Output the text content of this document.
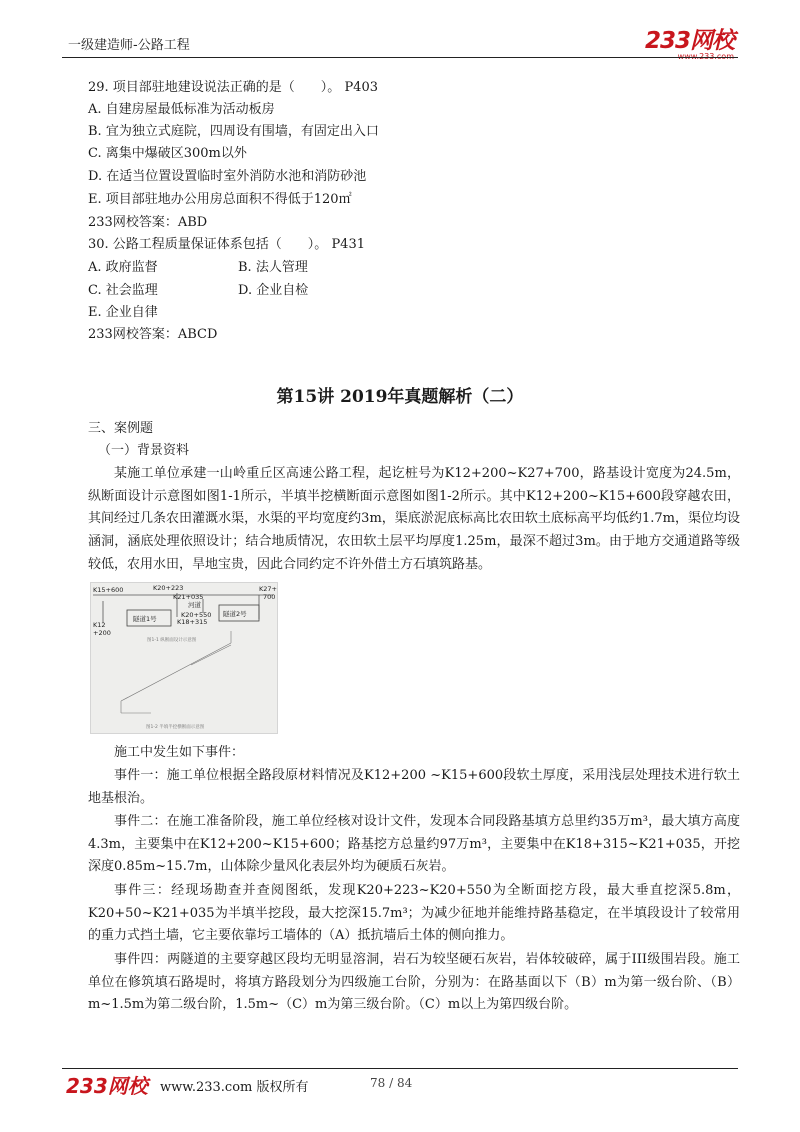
一级建造师-公路工程	233网校
www.233.com
29. 项目部驻地建设说法正确的是（　　）。 P403
A. 自建房屋最低标准为活动板房
B. 宜为独立式庭院，四周设有围墙，有固定出入口
C. 离集中爆破区300m以外
D. 在适当位置设置临时室外消防水池和消防砂池
E. 项目部驻地办公用房总面积不得低于120㎡
233网校答案：ABD
30. 公路工程质量保证体系包括（　　）。 P431
A. 政府监督	B. 法人管理
C. 社会监理	D. 企业自检
E. 企业自律
233网校答案：ABCD
第15讲 2019年真题解析（二）
三、案例题
（一）背景资料
某施工单位承建一山岭重丘区高速公路工程，起讫桩号为K12+200~K27+700，路基设计宽度为24.5m，纵断面设计示意图如图1-1所示，半填半挖横断面示意图如图1-2所示。其中K12+200~K15+600段穿越农田，其间经过几条农田灌溉水渠，水渠的平均宽度约3m，渠底淤泥底标高比农田软土底标高平均低约1.7m，渠位均设涵洞，涵底处理依照设计；结合地质情况，农田软土层平均厚度1.25m，最深不超过3m。由于地方交通道路等级较低，农用水田，旱地宝贵，因此合同约定不许外借土方石填筑路基。
K15+600	K20+223
K21+035
河道
K27+
700
隧道1号
隧道2号
K20+550
K18+315
K12
+200
图1-1 纵断面设计示意图
图1-2 半填半挖横断面示意图
施工中发生如下事件：
事件一：施工单位根据全路段原材料情况及K12+200 ~K15+600段软土厚度，采用浅层处理技术进行软土地基根治。
事件二：在施工准备阶段，施工单位经核对设计文件，发现本合同段路基填方总里约35万m³，最大填方高度4.3m，主要集中在K12+200~K15+600；路基挖方总量约97万m³，主要集中在K18+315~K21+035，开挖深度0.85m~15.7m，山体除少量风化表层外均为硬质石灰岩。
事件三：经现场勘查并查阅图纸，发现K20+223~K20+550为全断面挖方段，最大垂直挖深5.8m，K20+50~K21+035为半填半挖段，最大挖深15.7m³；为减少征地并能维持路基稳定，在半填段设计了较常用的重力式挡土墙，它主要依靠圬工墙体的（A）抵抗墙后土体的侧向推力。
事件四：两隧道的主要穿越区段均无明显溶洞，岩石为较坚硬石灰岩，岩体较破碎，属于III级围岩段。施工单位在修筑填石路堤时，将填方路段划分为四级施工台阶，分别为：在路基面以下（B）m为第一级台阶、（B）m~1.5m为第二级台阶，1.5m~（C）m为第三级台阶。（C）m以上为第四级台阶。
233网校 www.233.com 版权所有	78 / 84
